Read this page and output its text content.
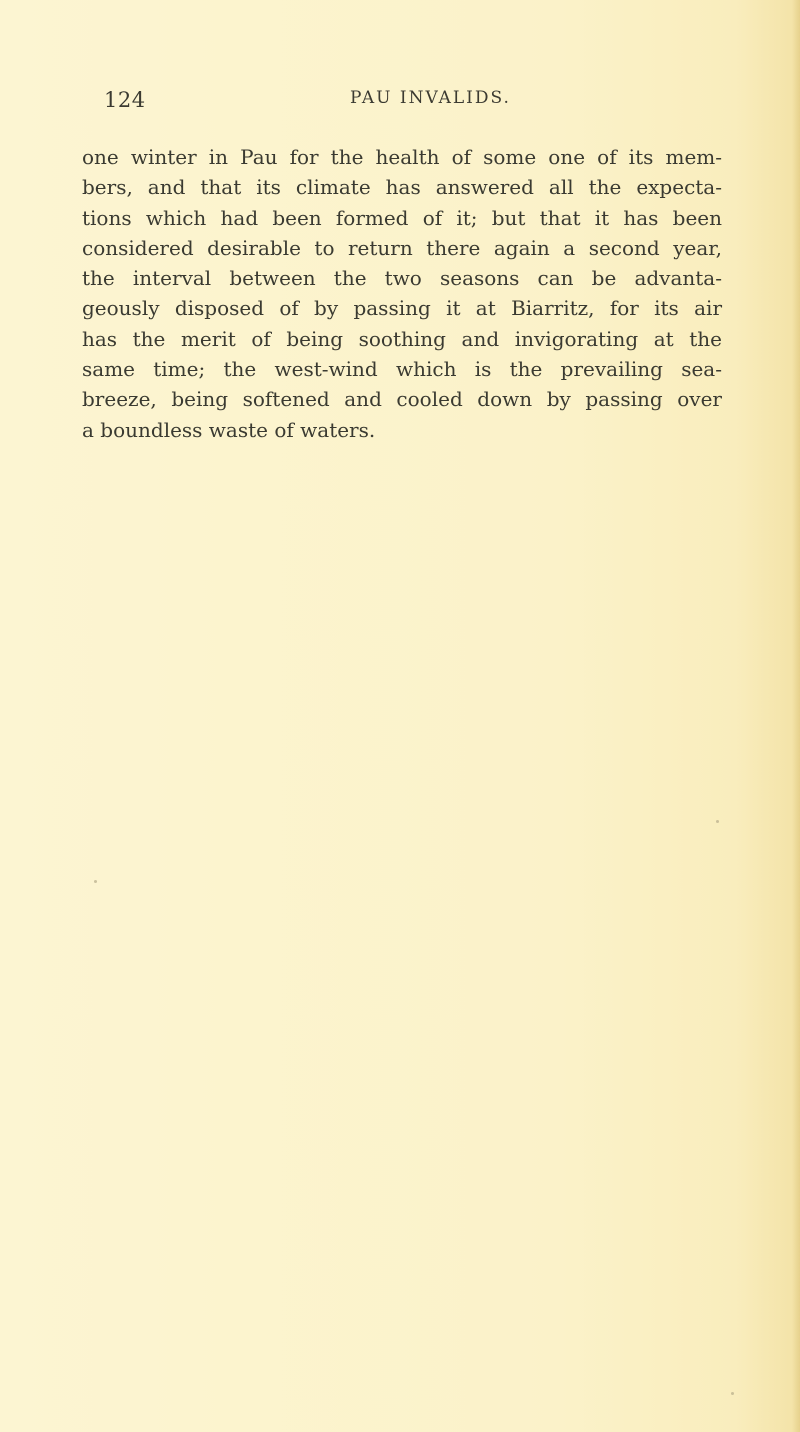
124	PAU INVALIDS.
one winter in Pau for the health of some one of its mem-
bers, and that its climate has answered all the expecta-
tions which had been formed of it; but that it has been
considered desirable to return there again a second year,
the interval between the two seasons can be advanta-
geously disposed of by passing it at Biarritz, for its air
has the merit of being soothing and invigorating at the
same time; the west-wind which is the prevailing sea-
breeze, being softened and cooled down by passing over
a boundless waste of waters.
